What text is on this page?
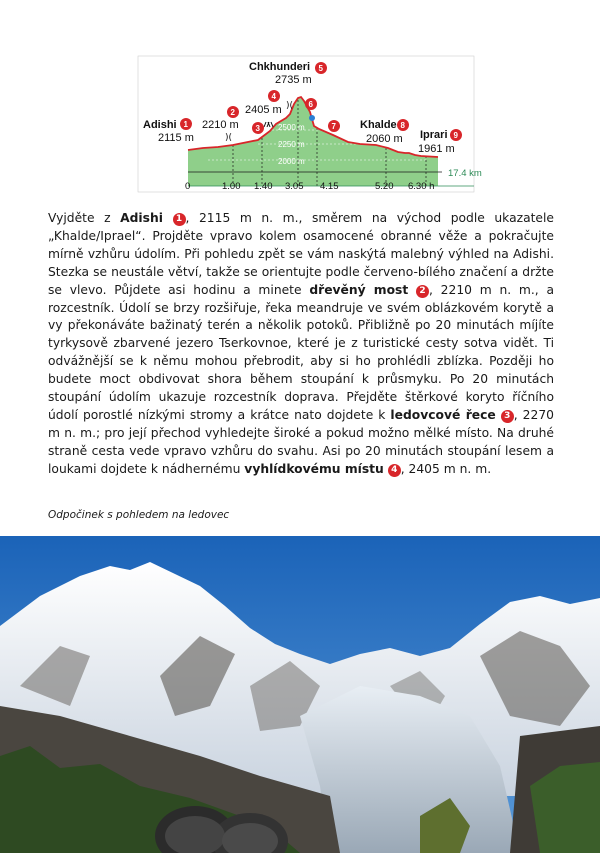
2500 m
2250 m
2000 m
17.4 km
0	1.00 1.40 3.05 4.15	5.20 6.30 h
)(
)(
Chkhunderi
2735 m
Adishi
2115 m
2210 m
2405 m
Khalde
2060 m Iprari
1961 m
1
2
3
4
5
6
7	8
9

Vyjděte z Adishi 1 , 2115 m n. m., směrem na východ podle ukazatele „Khalde/Iprael“. Projděte vpravo kolem osamocené obranné věže a pokračujte mírně vzhůru údolím. Při pohledu zpět se vám naskýtá malebný výhled na Adishi. Stezka se neustále větví, takže se orientujte podle červeno-bílého značení a držte se vlevo. Půjdete asi hodinu a minete dřevěný most 2 , 2210 m n. m., a rozcestník. Údolí se brzy rozšiřuje, řeka meandruje ve svém oblázkovém korytě a vy překonáváte bažinatý terén a několik potoků. Přibližně po 20 minutách míjíte tyrkysově zbarvené jezero Tserkovnoe, které je z turistické cesty sotva vidět. Ti odvážnější se k němu mohou přebrodit, aby si ho prohlédli zblízka. Později ho budete moct obdivovat shora během stoupání k průsmyku. Po 20 minutách stoupání údolím ukazuje rozcestník doprava. Přejděte štěrkové koryto říčního údolí porostlé nízkými stromy a krátce nato dojdete k ledovcové řece 3 , 2270 m n. m.; pro její přechod vyhledejte široké a pokud možno mělké místo. Na druhé straně cesta vede vpravo vzhůru do svahu. Asi po 20 minutách stoupání lesem a loukami dojdete k nádhernému vyhlídkovému místu 4 , 2405 m n. m.

Odpočinek s pohledem na ledovec
